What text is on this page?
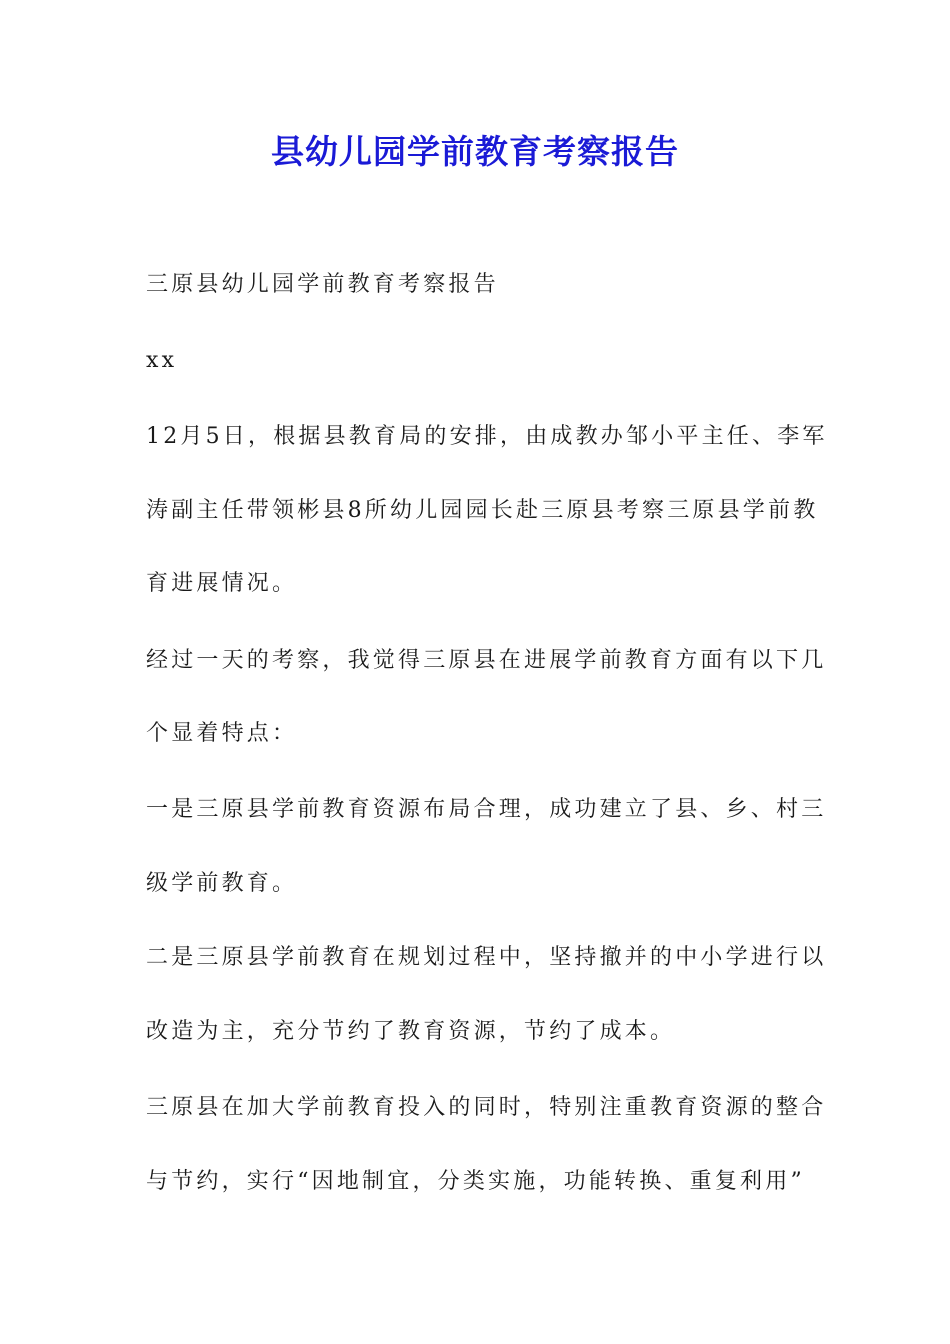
县幼儿园学前教育考察报告
三原县幼儿园学前教育考察报告
xx
12月5日，根据县教育局的安排，由成教办邹小平主任、李军
涛副主任带领彬县8所幼儿园园长赴三原县考察三原县学前教
育进展情况。
经过一天的考察，我觉得三原县在进展学前教育方面有以下几
个显着特点：
一是三原县学前教育资源布局合理，成功建立了县、乡、村三
级学前教育。
二是三原县学前教育在规划过程中，坚持撤并的中小学进行以
改造为主，充分节约了教育资源，节约了成本。
三原县在加大学前教育投入的同时，特别注重教育资源的整合
与节约，实行“因地制宜，分类实施，功能转换、重复利用”
